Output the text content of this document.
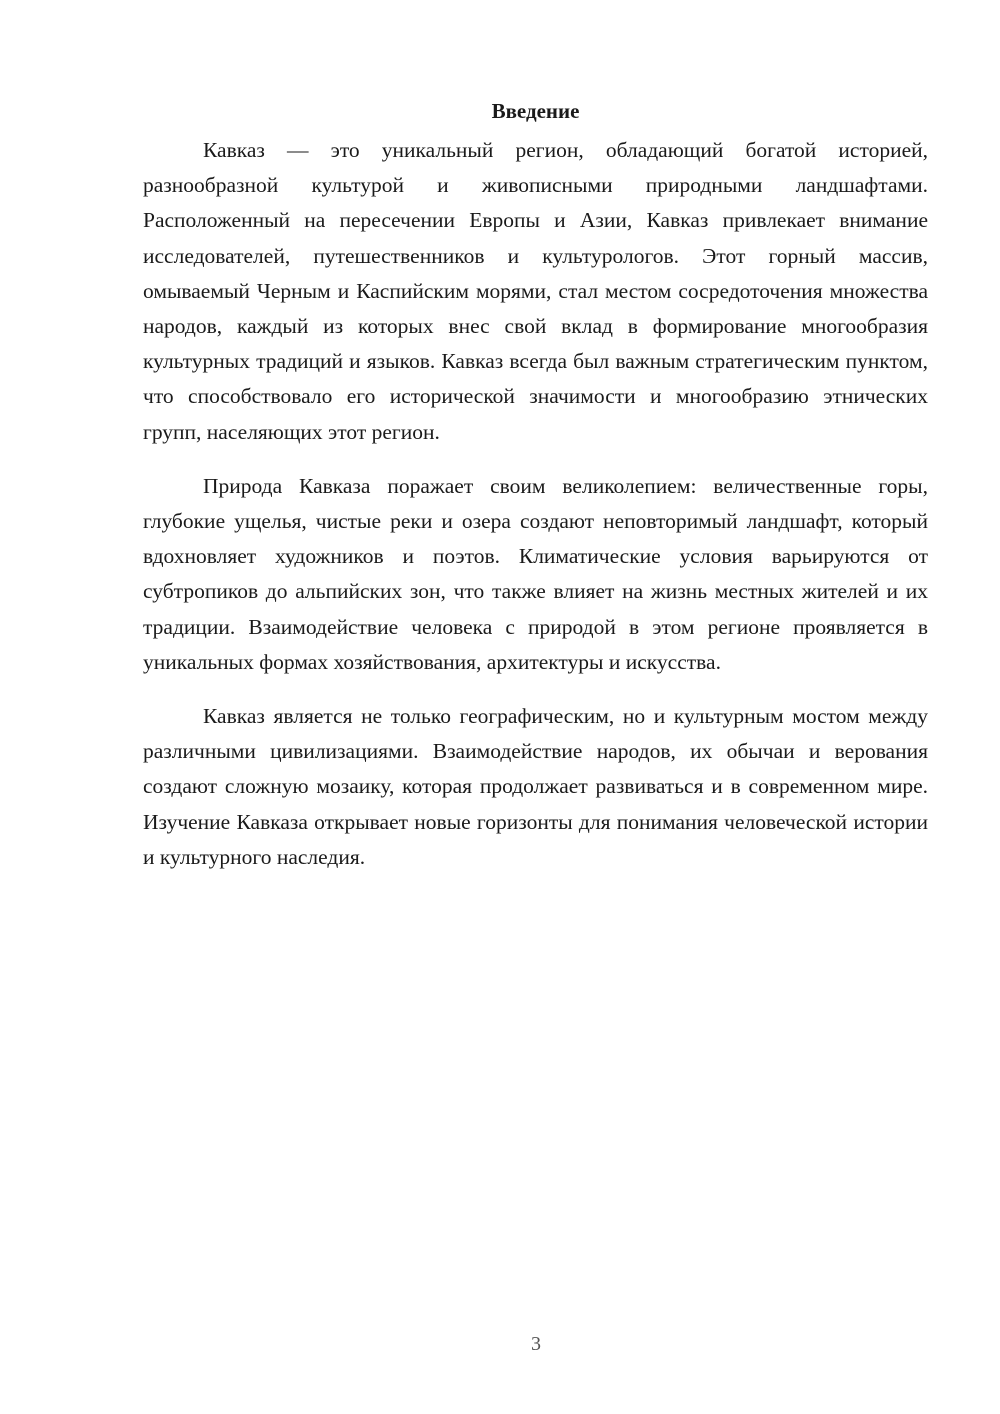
Введение

Кавказ — это уникальный регион, обладающий богатой историей, разнообразной культурой и живописными природными ландшафтами. Расположенный на пересечении Европы и Азии, Кавказ привлекает внимание исследователей, путешественников и культурологов. Этот горный массив, омываемый Черным и Каспийским морями, стал местом сосредоточения множества народов, каждый из которых внес свой вклад в формирование многообразия культурных традиций и языков. Кавказ всегда был важным стратегическим пунктом, что способствовало его исторической значимости и многообразию этнических групп, населяющих этот регион.

Природа Кавказа поражает своим великолепием: величественные горы, глубокие ущелья, чистые реки и озера создают неповторимый ландшафт, который вдохновляет художников и поэтов. Климатические условия варьируются от субтропиков до альпийских зон, что также влияет на жизнь местных жителей и их традиции. Взаимодействие человека с природой в этом регионе проявляется в уникальных формах хозяйствования, архитектуры и искусства.

Кавказ является не только географическим, но и культурным мостом между различными цивилизациями. Взаимодействие народов, их обычаи и верования создают сложную мозаику, которая продолжает развиваться и в современном мире. Изучение Кавказа открывает новые горизонты для понимания человеческой истории и культурного наследия.

3
